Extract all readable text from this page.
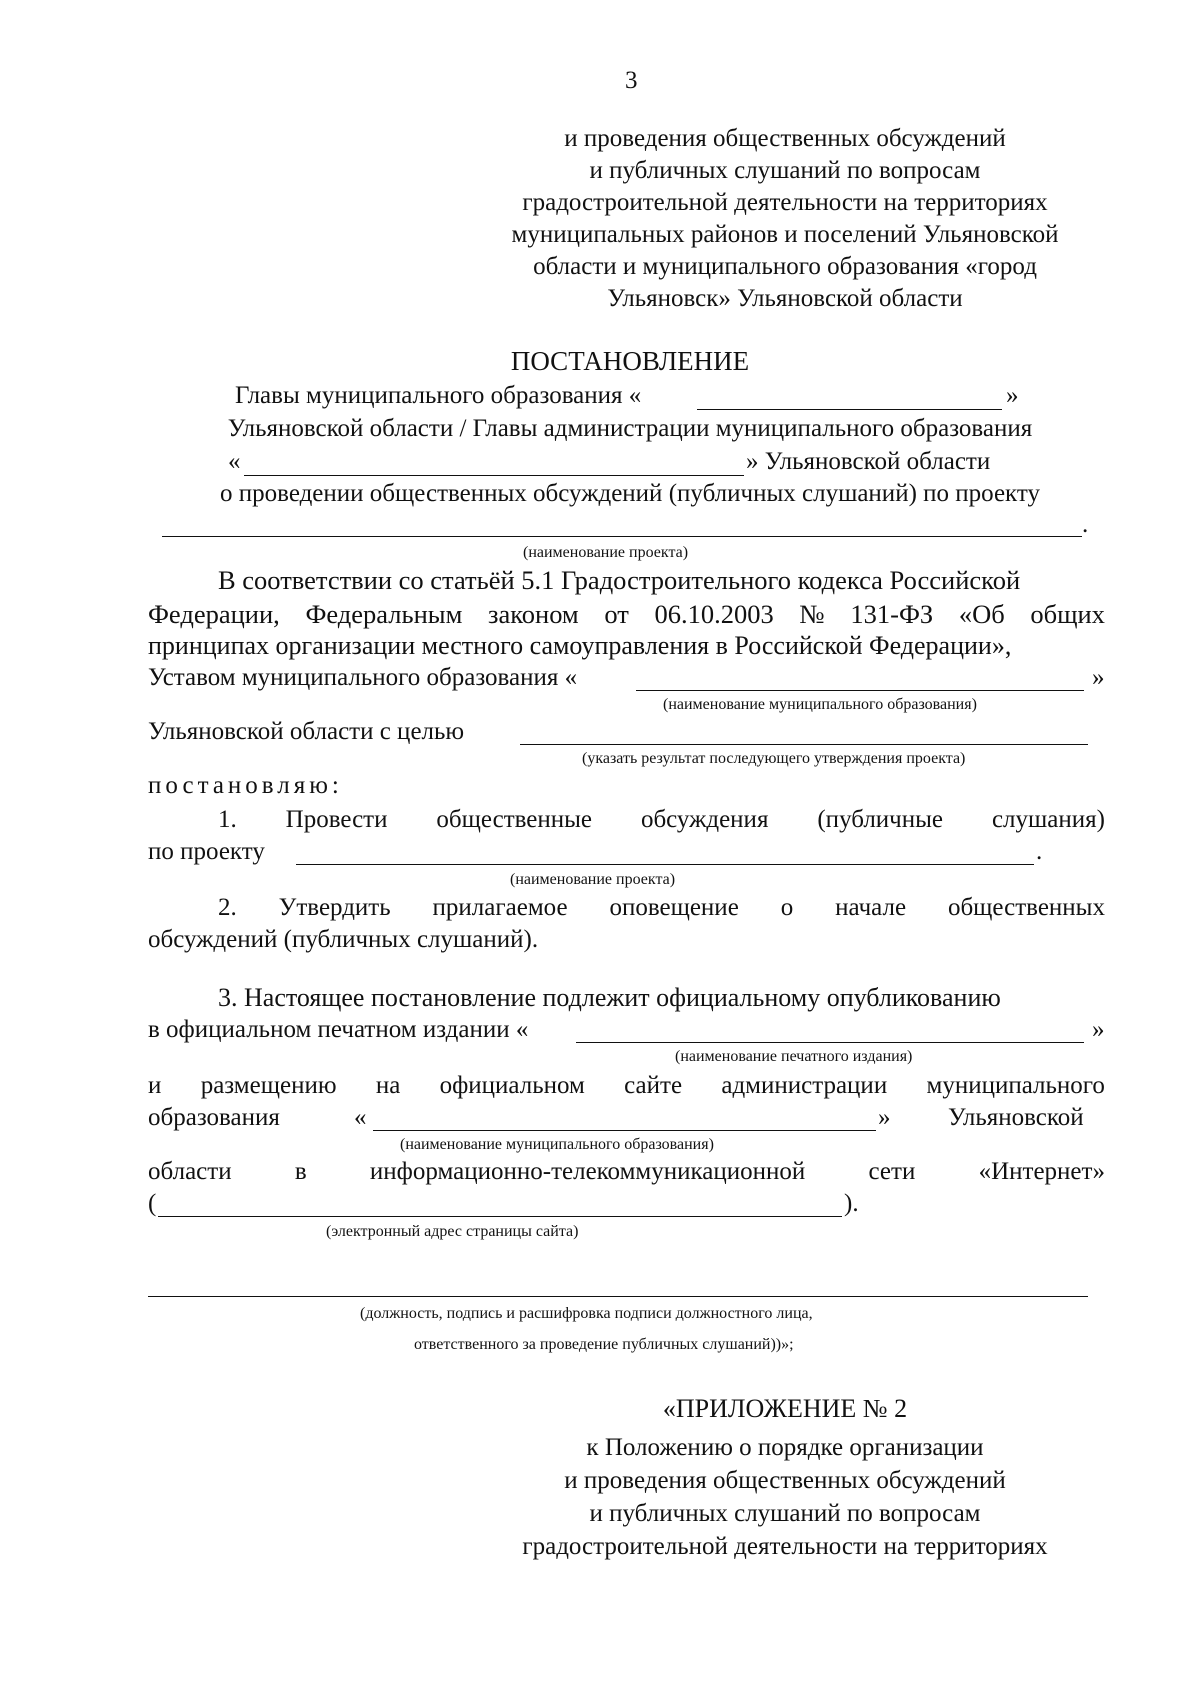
3
и проведения общественных обсуждений
и публичных слушаний по вопросам
градостроительной деятельности на территориях
муниципальных районов и поселений Ульяновской
области и муниципального образования «город
Ульяновск» Ульяновской области
ПОСТАНОВЛЕНИЕ
Главы муниципального образования «	»
Ульяновской области / Главы администрации муниципального образования
«	» Ульяновской области
о проведении общественных обсуждений (публичных слушаний) по проекту
.
(наименование проекта)
В соответствии со статьёй 5.1 Градостроительного кодекса Российской
Федерации, Федеральным законом от 06.10.2003 № 131-ФЗ «Об общих
принципах организации местного самоуправления в Российской Федерации»,
Уставом муниципального образования «	»
(наименование муниципального образования)
Ульяновской области с целью
(указать результат последующего утверждения проекта)
постановляю:
1. Провести общественные обсуждения (публичные слушания)
по проекту	.
(наименование проекта)
2. Утвердить прилагаемое оповещение о начале общественных
обсуждений (публичных слушаний).
3. Настоящее постановление подлежит официальному опубликованию
в официальном печатном издании «	»
(наименование печатного издания)
и размещению на официальном сайте администрации муниципального
образования	«	» Ульяновской
(наименование муниципального образования)
области	в	информационно-телекоммуникационной	сети	«Интернет»
(	).
(электронный адрес страницы сайта)
(должность, подпись и расшифровка подписи должностного лица,
ответственного за проведение публичных слушаний))»;
«ПРИЛОЖЕНИЕ № 2
к Положению о порядке организации
и проведения общественных обсуждений
и публичных слушаний по вопросам
градостроительной деятельности на территориях
